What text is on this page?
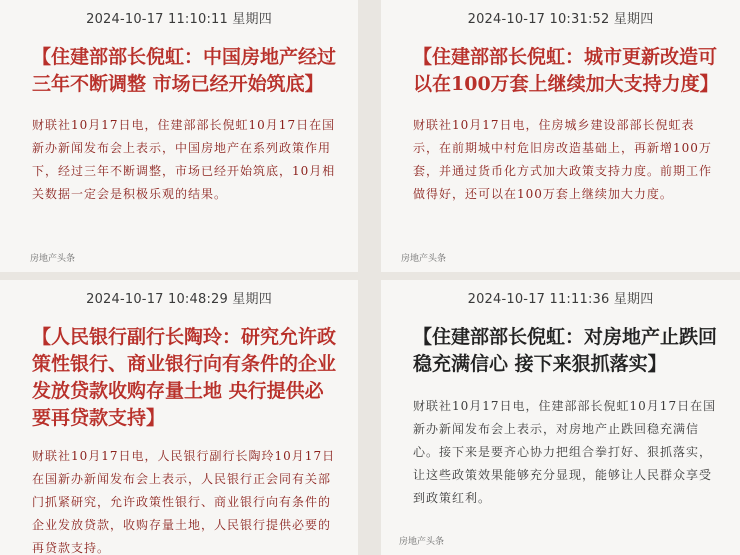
2024-10-17 11:10:11 星期四
【住建部部长倪虹：中国房地产经过三年不断调整 市场已经开始筑底】
财联社10月17日电，住建部部长倪虹10月17日在国新办新闻发布会上表示，中国房地产在系列政策作用下，经过三年不断调整，市场已经开始筑底，10月相关数据一定会是积极乐观的结果。
房地产头条
2024-10-17 10:31:52 星期四
【住建部部长倪虹：城市更新改造可以在100万套上继续加大支持力度】
财联社10月17日电，住房城乡建设部部长倪虹表示，在前期城中村危旧房改造基础上，再新增100万套，并通过货币化方式加大政策支持力度。前期工作做得好，还可以在100万套上继续加大力度。
房地产头条
2024-10-17 10:48:29 星期四
【人民银行副行长陶玲：研究允许政策性银行、商业银行向有条件的企业发放贷款收购存量土地 央行提供必要再贷款支持】
财联社10月17日电，人民银行副行长陶玲10月17日在国新办新闻发布会上表示，人民银行正会同有关部门抓紧研究，允许政策性银行、商业银行向有条件的企业发放贷款，收购存量土地，人民银行提供必要的再贷款支持。
2024-10-17 11:11:36 星期四
【住建部部长倪虹：对房地产止跌回稳充满信心 接下来狠抓落实】
财联社10月17日电，住建部部长倪虹10月17日在国新办新闻发布会上表示，对房地产止跌回稳充满信心。接下来是要齐心协力把组合拳打好、狠抓落实，让这些政策效果能够充分显现，能够让人民群众享受到政策红利。
房地产头条
